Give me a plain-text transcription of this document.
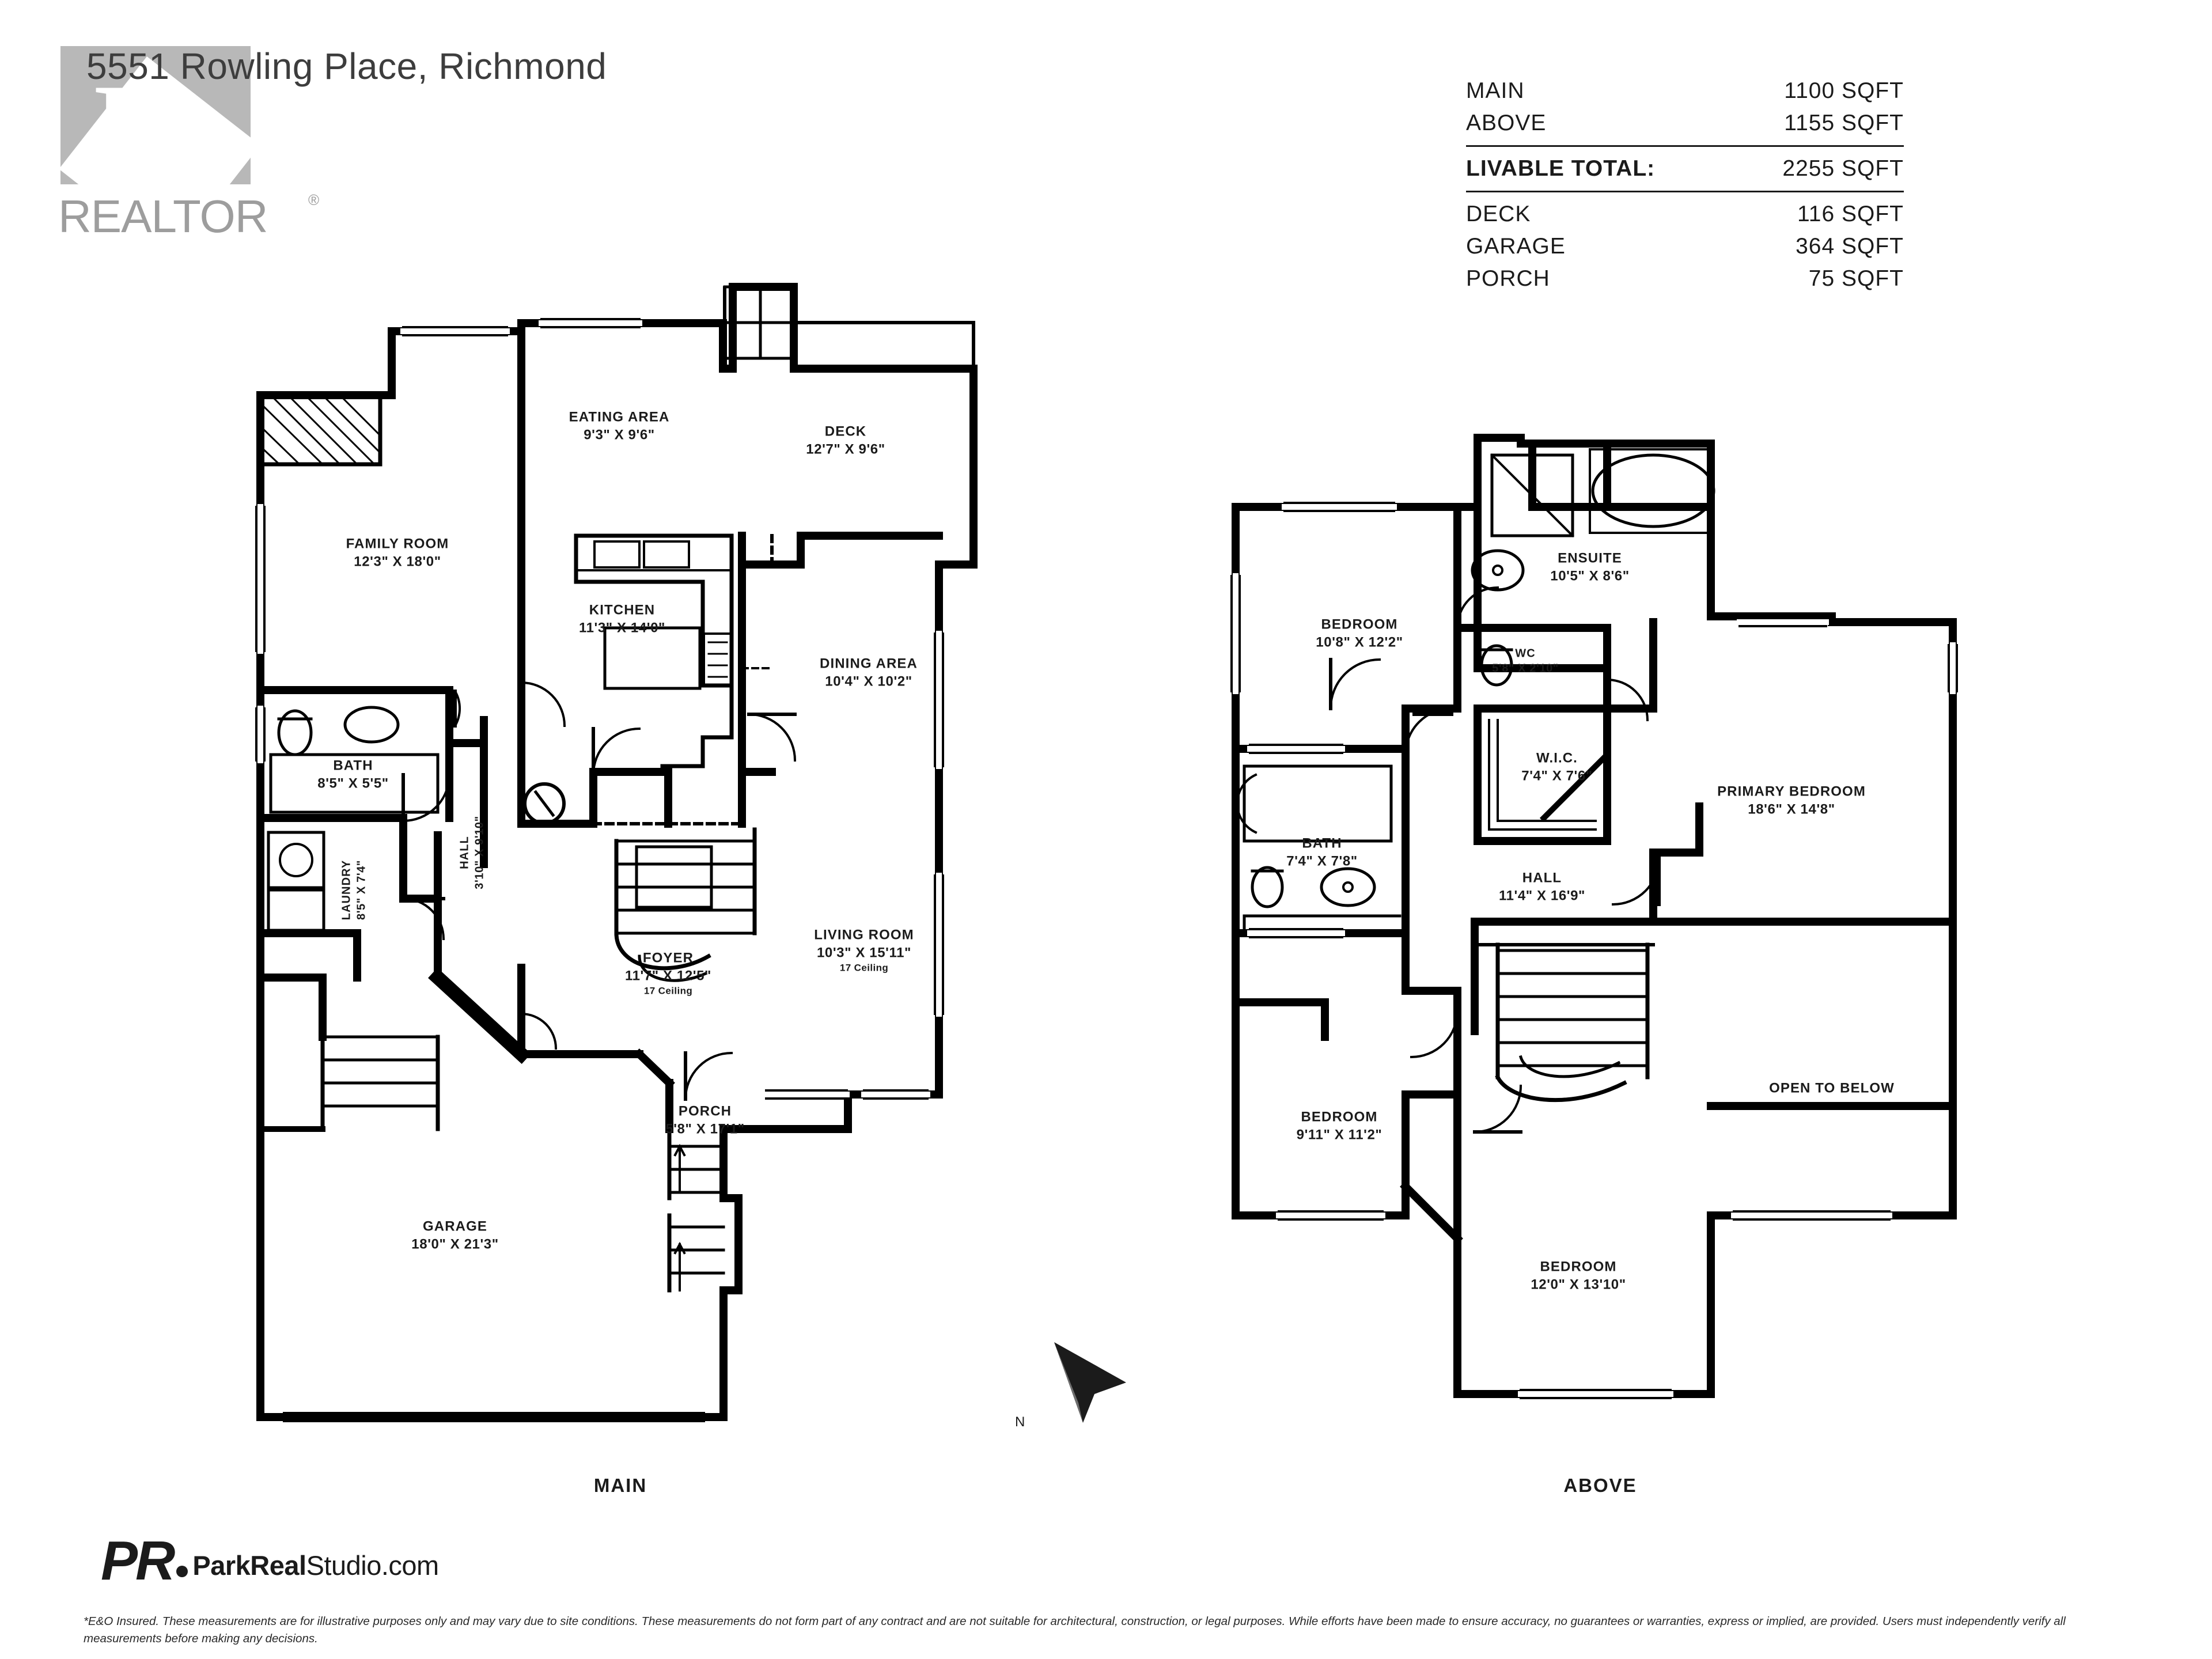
REALTOR	®
5551 Rowling Place, Richmond
MAIN	1100 SQFT
ABOVE	1155 SQFT
LIVABLE TOTAL:	2255 SQFT
DECK	116 SQFT
GARAGE	364 SQFT
PORCH	75 SQFT
EATING AREA
9'3" X 9'6"	DECK
12'7" X 9'6"
FAMILY ROOM
12'3" X 18'0"
KITCHEN
11'3" X 14'0"
DINING AREA
10'4" X 10'2"
BATH
8'5" X 5'5"
HALL 3'10" X 9'10"
LAUNDRY 8'5" X 7'4"
LIVING ROOM
10'3" X 15'11"
17 Ceiling
FOYER
11'7" X 12'5"
17 Ceiling
PORCH
5'8" X 17'1"
GARAGE
18'0" X 21'3"
ENSUITE
10'5" X 8'6"
BEDROOM
10'8" X 12'2"
WC
5'8" X 2'10"
W.I.C.
7'4" X 7'6"
PRIMARY BEDROOM
18'6" X 14'8"
BATH
7'4" X 7'8"
HALL
11'4" X 16'9"
BEDROOM
9'11" X 11'2"
BEDROOM
12'0" X 13'10"
OPEN TO BELOW
MAIN	ABOVE
N
PR ParkRealStudio.com
*E&O Insured. These measurements are for illustrative purposes only and may vary due to site conditions. These measurements do not form part of any contract and are not suitable for architectural, construction, or legal purposes. While efforts have been made to ensure accuracy, no guarantees or warranties, express or implied, are provided. Users must independently verify all measurements before making any decisions.
